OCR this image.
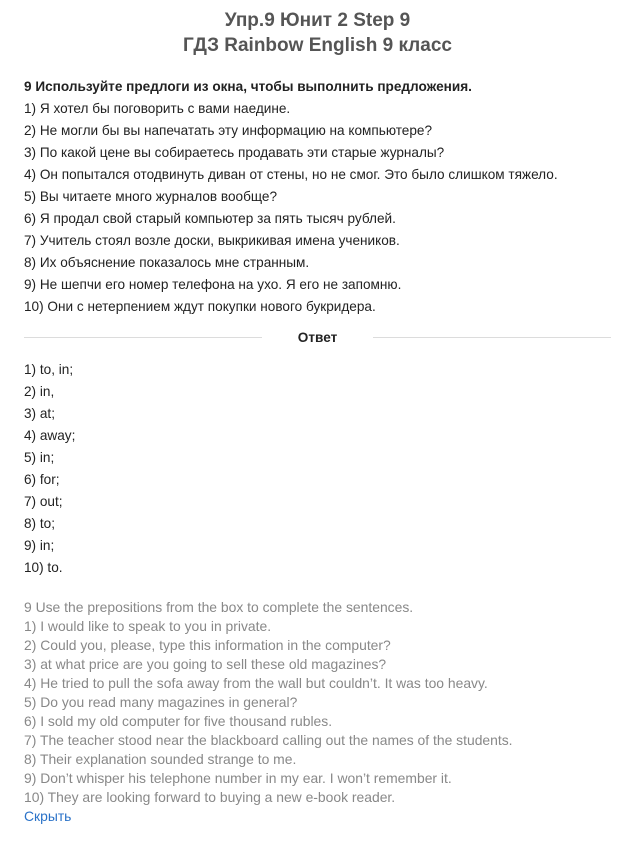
Упр.9 Юнит 2 Step 9
ГДЗ Rainbow English 9 класс
9 Используйте предлоги из окна, чтобы выполнить предложения.
1) Я хотел бы поговорить с вами наедине.
2) Не могли бы вы напечатать эту информацию на компьютере?
3) По какой цене вы собираетесь продавать эти старые журналы?
4) Он попытался отодвинуть диван от стены, но не смог. Это было слишком тяжело.
5) Вы читаете много журналов вообще?
6) Я продал свой старый компьютер за пять тысяч рублей.
7) Учитель стоял возле доски, выкрикивая имена учеников.
8) Их объяснение показалось мне странным.
9) Не шепчи его номер телефона на ухо. Я его не запомню.
10) Они с нетерпением ждут покупки нового букридера.
Ответ
1) to, in;
2) in,
3) at;
4) away;
5) in;
6) for;
7) out;
8) to;
9) in;
10) to.
9 Use the prepositions from the box to complete the sentences.
1) I would like to speak to you in private.
2) Could you, please, type this information in the computer?
3) at what price are you going to sell these old magazines?
4) He tried to pull the sofa away from the wall but couldn’t. It was too heavy.
5) Do you read many magazines in general?
6) I sold my old computer for five thousand rubles.
7) The teacher stood near the blackboard calling out the names of the students.
8) Their explanation sounded strange to me.
9) Don’t whisper his telephone number in my ear. I won’t remember it.
10) They are looking forward to buying a new e-book reader.
Скрыть
